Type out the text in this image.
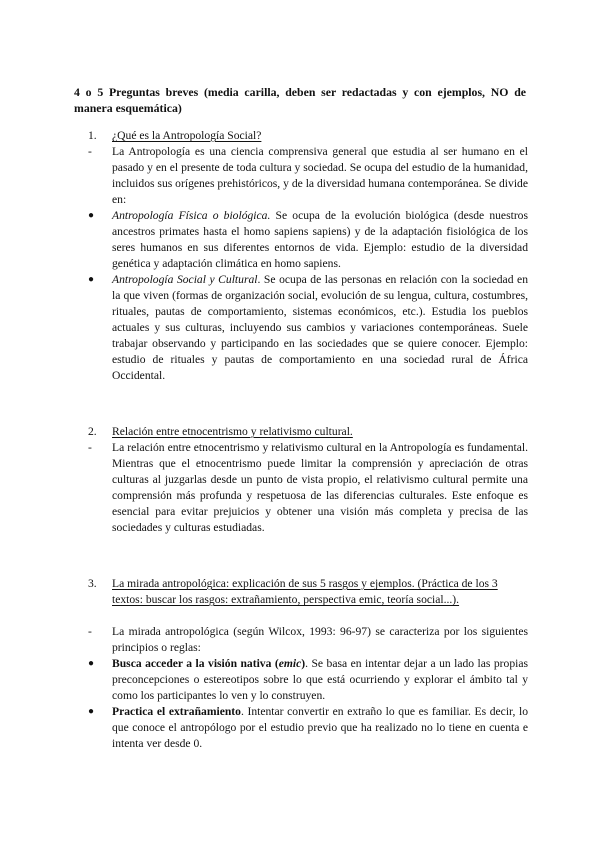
4 o 5 Preguntas breves (media carilla, deben ser redactadas y con ejemplos, NO de manera esquemática)
1.	¿Qué es la Antropología Social?
-	La Antropología es una ciencia comprensiva general que estudia al ser humano en el pasado y en el presente de toda cultura y sociedad. Se ocupa del estudio de la humanidad, incluidos sus orígenes prehistóricos, y de la diversidad humana contemporánea. Se divide en:
●	Antropología Física o biológica. Se ocupa de la evolución biológica (desde nuestros ancestros primates hasta el homo sapiens sapiens) y de la adaptación fisiológica de los seres humanos en sus diferentes entornos de vida. Ejemplo: estudio de la diversidad genética y adaptación climática en homo sapiens.
●	Antropología Social y Cultural. Se ocupa de las personas en relación con la sociedad en la que viven (formas de organización social, evolución de su lengua, cultura, costumbres, rituales, pautas de comportamiento, sistemas económicos, etc.). Estudia los pueblos actuales y sus culturas, incluyendo sus cambios y variaciones contemporáneas. Suele trabajar observando y participando en las sociedades que se quiere conocer. Ejemplo: estudio de rituales y pautas de comportamiento en una sociedad rural de África Occidental.
2.	Relación entre etnocentrismo y relativismo cultural.
-	La relación entre etnocentrismo y relativismo cultural en la Antropología es fundamental. Mientras que el etnocentrismo puede limitar la comprensión y apreciación de otras culturas al juzgarlas desde un punto de vista propio, el relativismo cultural permite una comprensión más profunda y respetuosa de las diferencias culturales. Este enfoque es esencial para evitar prejuicios y obtener una visión más completa y precisa de las sociedades y culturas estudiadas.
3.	La mirada antropológica: explicación de sus 5 rasgos y ejemplos. (Práctica de los 3 textos: buscar los rasgos: extrañamiento, perspectiva emic, teoría social...).
-	La mirada antropológica (según Wilcox, 1993: 96-97) se caracteriza por los siguientes principios o reglas:
●	Busca acceder a la visión nativa (emic). Se basa en intentar dejar a un lado las propias preconcepciones o estereotipos sobre lo que está ocurriendo y explorar el ámbito tal y como los participantes lo ven y lo construyen.
●	Practica el extrañamiento. Intentar convertir en extraño lo que es familiar. Es decir, lo que conoce el antropólogo por el estudio previo que ha realizado no lo tiene en cuenta e intenta ver desde 0.
